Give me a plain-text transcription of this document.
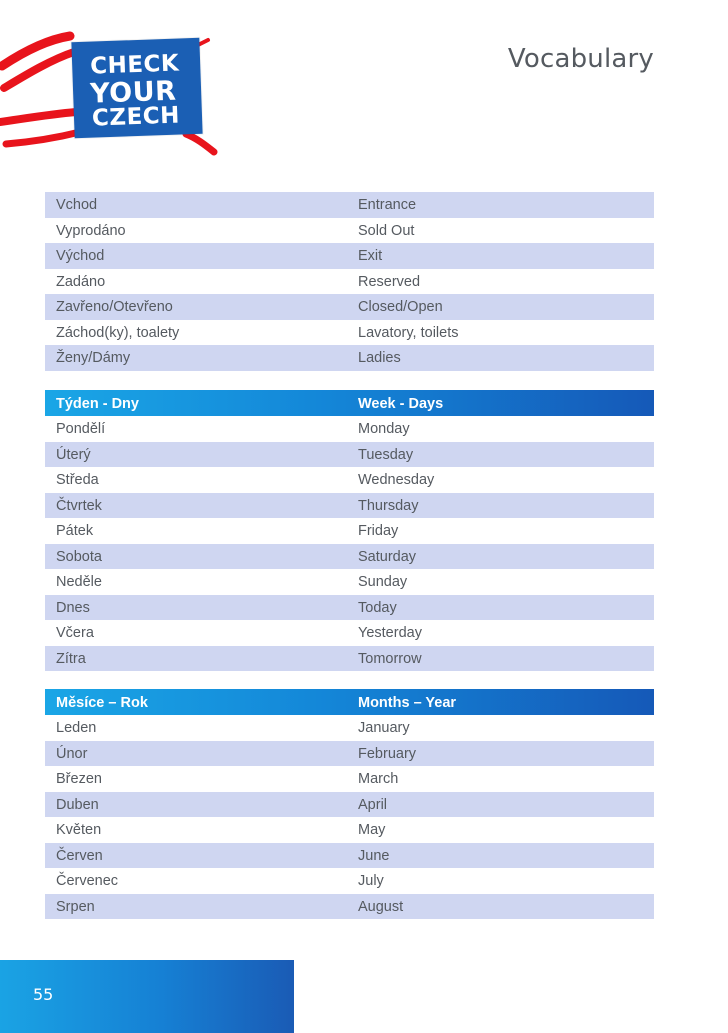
CHECK
YOUR
CZECH
Vocabulary
Vchod	Entrance
Vyprodáno	Sold Out
Východ	Exit
Zadáno	Reserved
Zavřeno/Otevřeno	Closed/Open
Záchod(ky), toalety	Lavatory, toilets
Ženy/Dámy	Ladies
Týden - Dny	Week - Days
Pondělí	Monday
Úterý	Tuesday
Středa	Wednesday
Čtvrtek	Thursday
Pátek	Friday
Sobota	Saturday
Neděle	Sunday
Dnes	Today
Včera	Yesterday
Zítra	Tomorrow
Měsíce – Rok	Months – Year
Leden	January
Únor	February
Březen	March
Duben	April
Květen	May
Červen	June
Červenec	July
Srpen	August
55
